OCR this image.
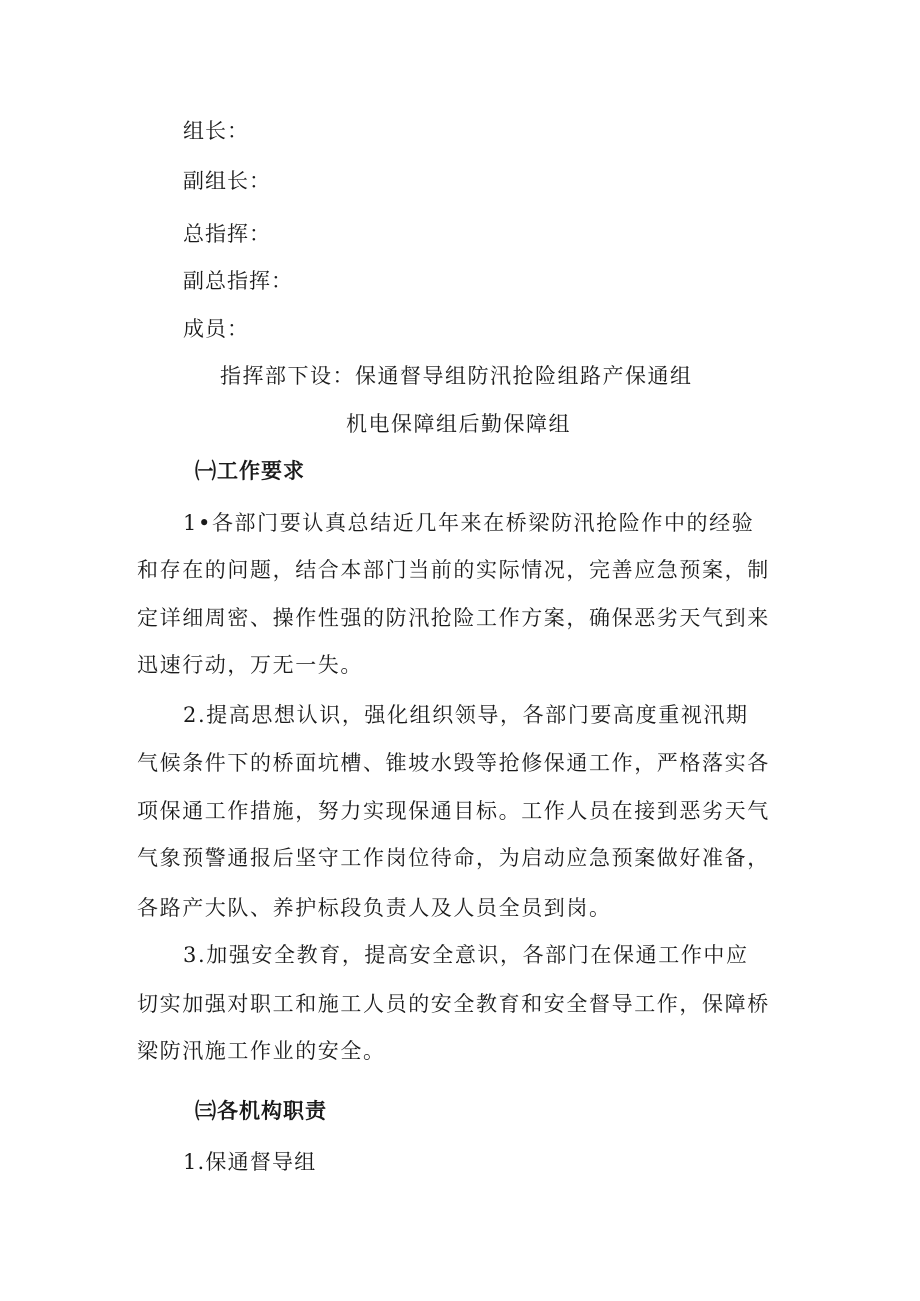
组长：
副组长：
总指挥：
副总指挥：
成员：
指挥部下设：保通督导组防汛抢险组路产保通组
机电保障组后勤保障组
㈠工作要求
1•各部门要认真总结近几年来在桥梁防汛抢险作中的经验
和存在的问题，结合本部门当前的实际情况，完善应急预案，制
定详细周密、操作性强的防汛抢险工作方案，确保恶劣天气到来
迅速行动，万无一失。
2.提高思想认识，强化组织领导，各部门要高度重视汛期
气候条件下的桥面坑槽、锥坡水毁等抢修保通工作，严格落实各
项保通工作措施，努力实现保通目标。工作人员在接到恶劣天气
气象预警通报后坚守工作岗位待命，为启动应急预案做好准备，
各路产大队、养护标段负责人及人员全员到岗。
3.加强安全教育，提高安全意识，各部门在保通工作中应
切实加强对职工和施工人员的安全教育和安全督导工作，保障桥
梁防汛施工作业的安全。
㈢各机构职责
1.保通督导组
